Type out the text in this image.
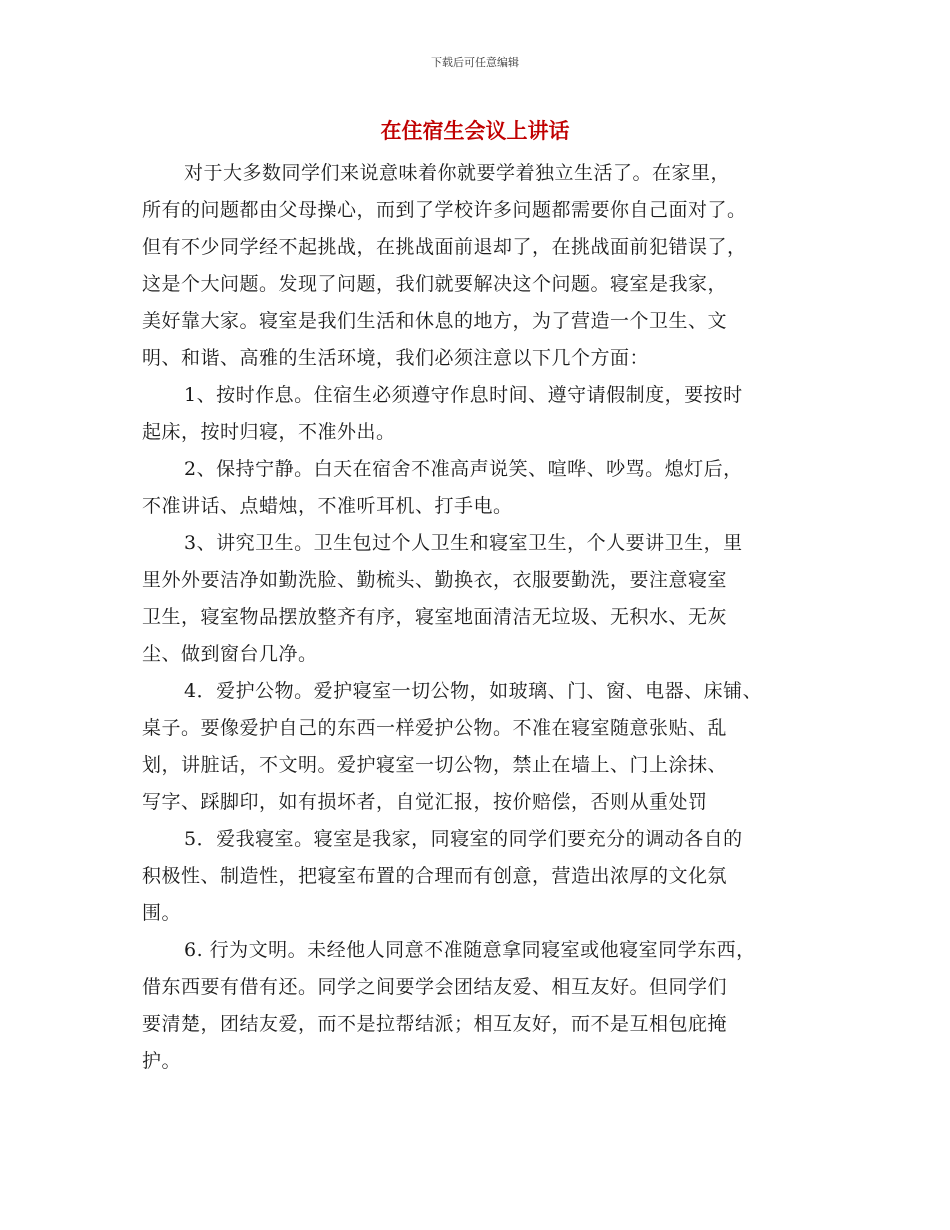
下载后可任意编辑
在住宿生会议上讲话
对于大多数同学们来说意味着你就要学着独立生活了。在家里，
所有的问题都由父母操心，而到了学校许多问题都需要你自己面对了。
但有不少同学经不起挑战，在挑战面前退却了，在挑战面前犯错误了，
这是个大问题。发现了问题，我们就要解决这个问题。寝室是我家，
美好靠大家。寝室是我们生活和休息的地方，为了营造一个卫生、文
明、和谐、高雅的生活环境，我们必须注意以下几个方面：
1、按时作息。住宿生必须遵守作息时间、遵守请假制度，要按时
起床，按时归寝，不准外出。
2、保持宁静。白天在宿舍不准高声说笑、喧哗、吵骂。熄灯后，
不准讲话、点蜡烛，不准听耳机、打手电。
3、讲究卫生。卫生包过个人卫生和寝室卫生，个人要讲卫生，里
里外外要洁净如勤洗脸、勤梳头、勤换衣，衣服要勤洗，要注意寝室
卫生，寝室物品摆放整齐有序，寝室地面清洁无垃圾、无积水、无灰
尘、做到窗台几净。
4．爱护公物。爱护寝室一切公物，如玻璃、门、窗、电器、床铺、
桌子。要像爱护自己的东西一样爱护公物。不准在寝室随意张贴、乱
划，讲脏话，不文明。爱护寝室一切公物，禁止在墙上、门上涂抹、
写字、踩脚印，如有损坏者，自觉汇报，按价赔偿，否则从重处罚
5．爱我寝室。寝室是我家，同寝室的同学们要充分的调动各自的
积极性、制造性，把寝室布置的合理而有创意，营造出浓厚的文化氛
围。
6. 行为文明。未经他人同意不准随意拿同寝室或他寝室同学东西，
借东西要有借有还。同学之间要学会团结友爱、相互友好。但同学们
要清楚，团结友爱，而不是拉帮结派；相互友好，而不是互相包庇掩
护。
